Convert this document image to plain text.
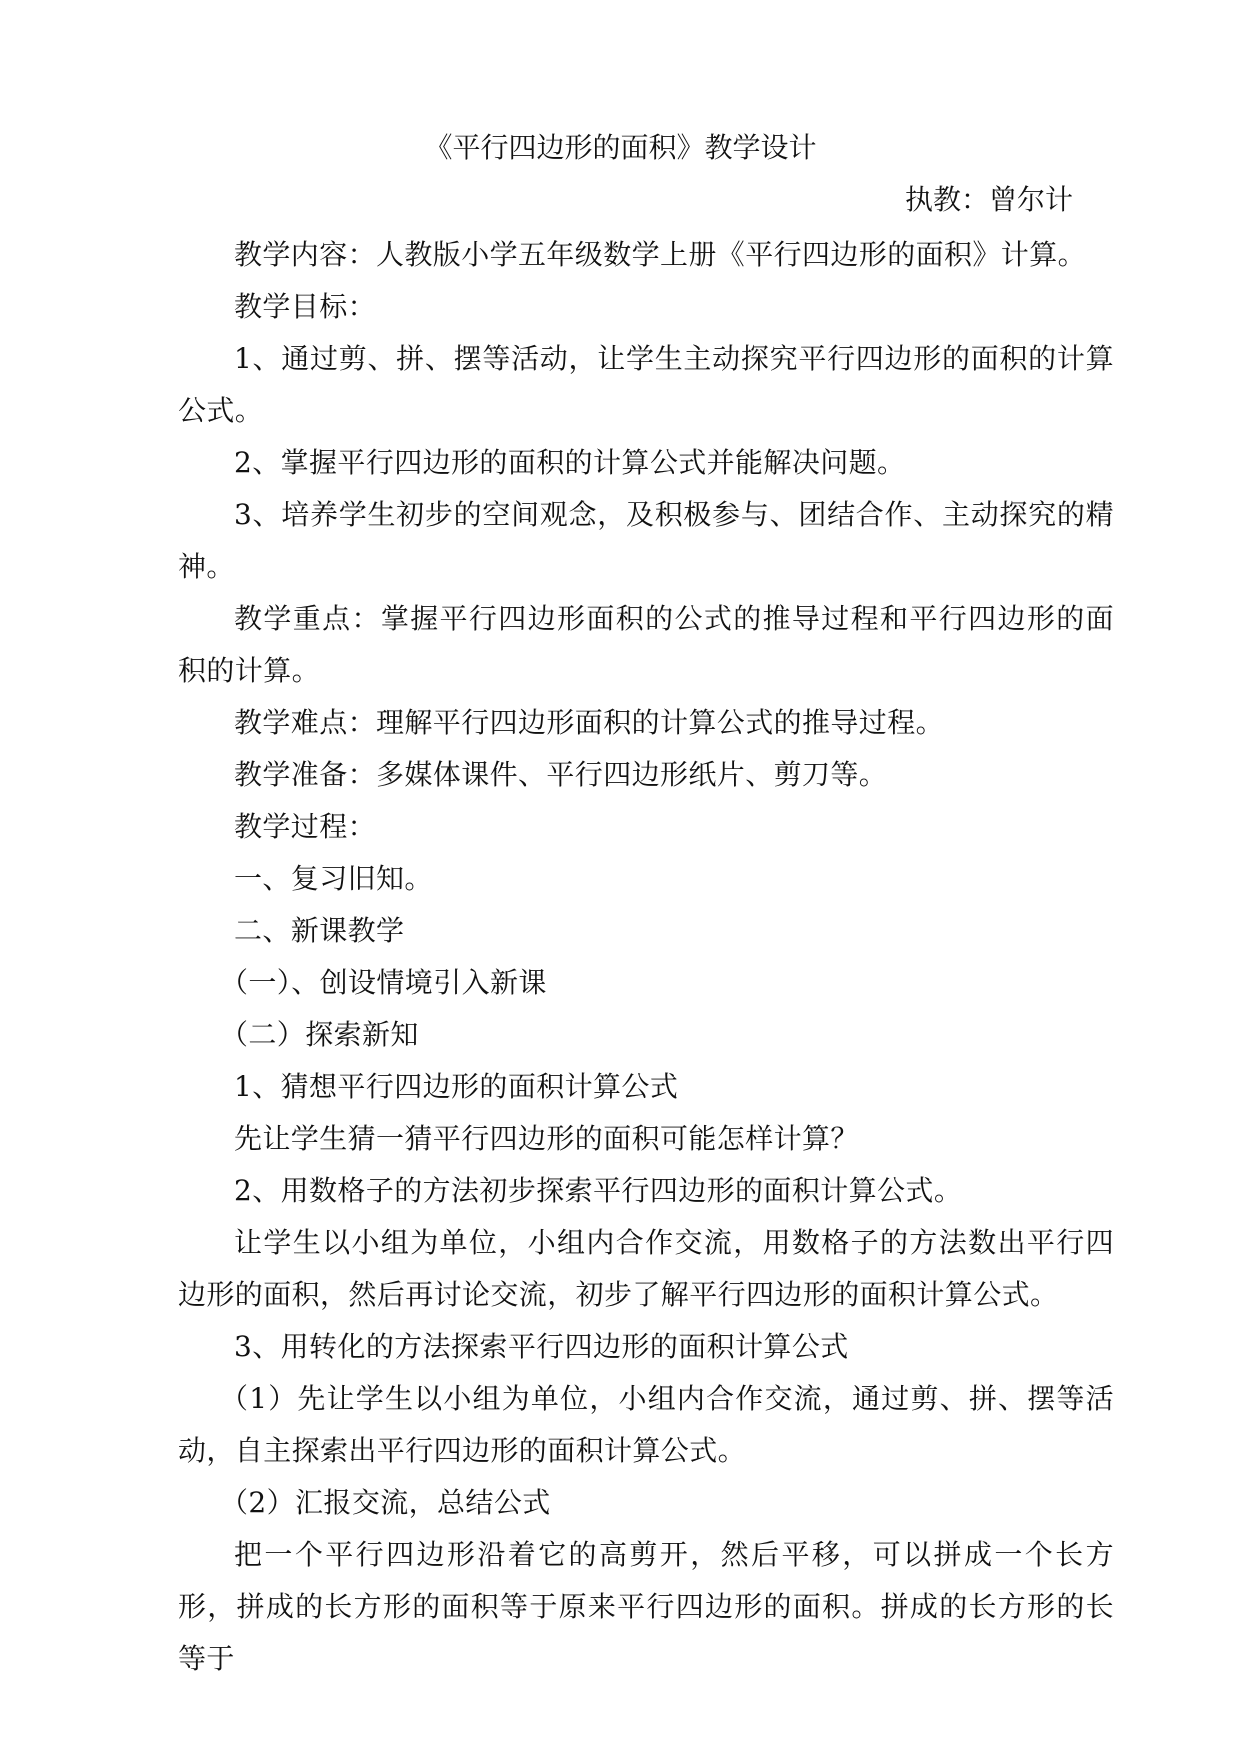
《平行四边形的面积》教学设计
执教：曾尔计

教学内容：人教版小学五年级数学上册《平行四边形的面积》计算。

教学目标：

1、通过剪、拼、摆等活动，让学生主动探究平行四边形的面积的计算公式。

2、掌握平行四边形的面积的计算公式并能解决问题。

3、培养学生初步的空间观念，及积极参与、团结合作、主动探究的精神。

教学重点：掌握平行四边形面积的公式的推导过程和平行四边形的面积的计算。

教学难点：理解平行四边形面积的计算公式的推导过程。

教学准备：多媒体课件、平行四边形纸片、剪刀等。

教学过程：

一、复习旧知。

二、新课教学

（一）、创设情境引入新课

（二）探索新知

1、猜想平行四边形的面积计算公式

先让学生猜一猜平行四边形的面积可能怎样计算？

2、用数格子的方法初步探索平行四边形的面积计算公式。

让学生以小组为单位，小组内合作交流，用数格子的方法数出平行四边形的面积，然后再讨论交流，初步了解平行四边形的面积计算公式。

3、用转化的方法探索平行四边形的面积计算公式

（1）先让学生以小组为单位，小组内合作交流，通过剪、拼、摆等活动，自主探索出平行四边形的面积计算公式。

（2）汇报交流，总结公式

把一个平行四边形沿着它的高剪开，然后平移，可以拼成一个长方形，拼成的长方形的面积等于原来平行四边形的面积。拼成的长方形的长等于
